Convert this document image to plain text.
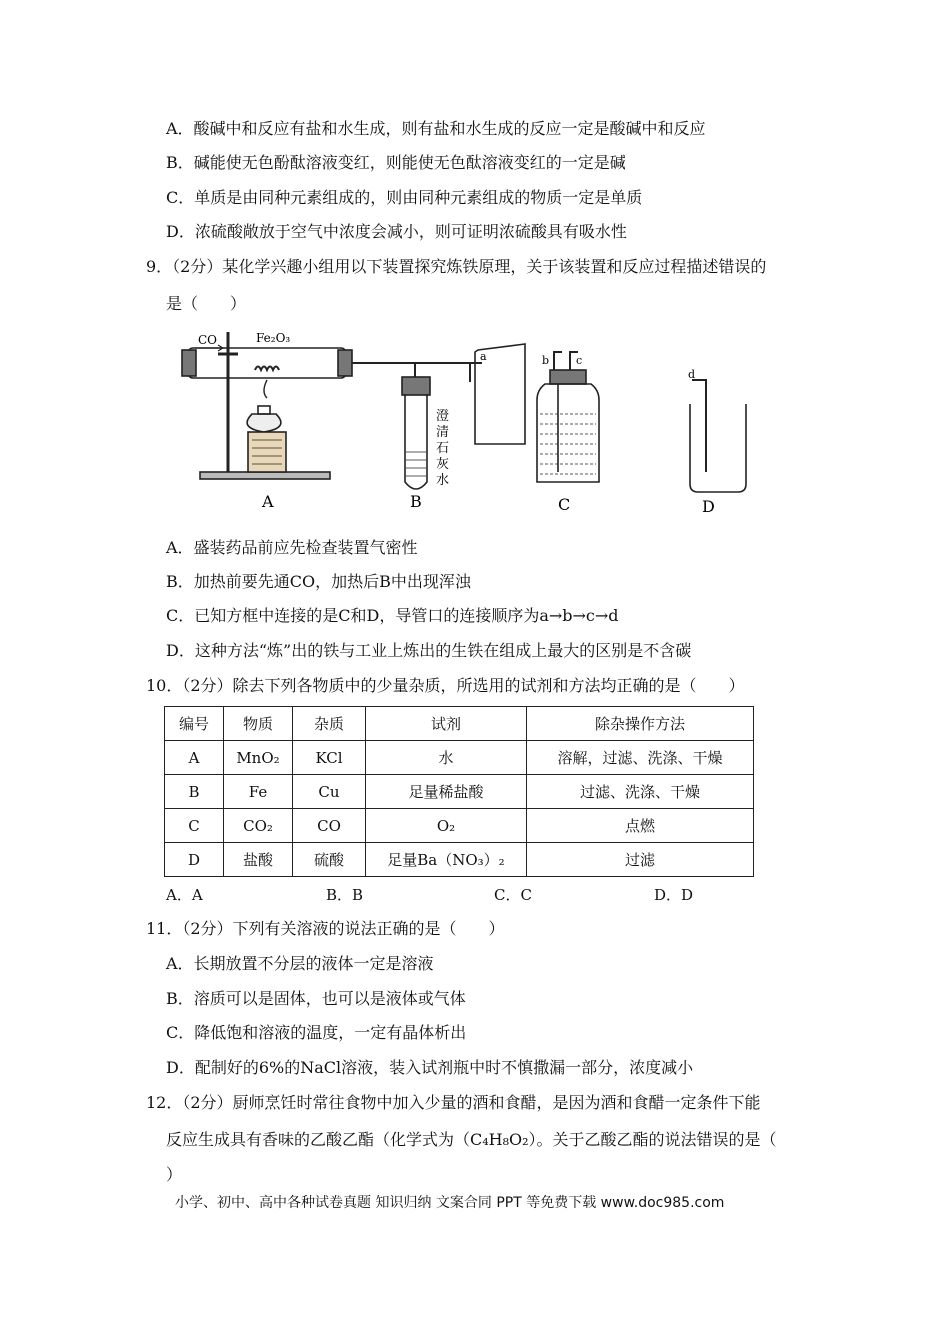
A．酸碱中和反应有盐和水生成，则有盐和水生成的反应一定是酸碱中和反应
B．碱能使无色酚酞溶液变红，则能使无色酞溶液变红的一定是碱
C．单质是由同种元素组成的，则由同种元素组成的物质一定是单质
D．浓硫酸敞放于空气中浓度会减小，则可证明浓硫酸具有吸水性
9．（2分）某化学兴趣小组用以下装置探究炼铁原理，关于该装置和反应过程描述错误的
是（　　）
CO	Fe₂O₃
A	B	C	D
a	b c
d
澄
清
石
灰
水
A．盛装药品前应先检查装置气密性
B．加热前要先通CO，加热后B中出现浑浊
C．已知方框中连接的是C和D，导管口的连接顺序为a→b→c→d
D．这种方法“炼”出的铁与工业上炼出的生铁在组成上最大的区别是不含碳
10．（2分）除去下列各物质中的少量杂质，所选用的试剂和方法均正确的是（　　）
编号	物质	杂质	试剂	除杂操作方法
A	MnO₂	KCl	水	溶解，过滤、洗涤、干燥
B	Fe	Cu	足量稀盐酸	过滤、洗涤、干燥
C	CO₂	CO	O₂	点燃
D	盐酸	硫酸	足量Ba（NO₃）₂	过滤
A．A	B．B	C．C	D．D
11．（2分）下列有关溶液的说法正确的是（　　）
A．长期放置不分层的液体一定是溶液
B．溶质可以是固体，也可以是液体或气体
C．降低饱和溶液的温度，一定有晶体析出
D．配制好的6%的NaCl溶液，装入试剂瓶中时不慎撒漏一部分，浓度减小
12．（2分）厨师烹饪时常往食物中加入少量的酒和食醋，是因为酒和食醋一定条件下能
反应生成具有香味的乙酸乙酯（化学式为（C₄H₈O₂）。关于乙酸乙酯的说法错误的是（
）
小学、初中、高中各种试卷真题 知识归纳 文案合同 PPT 等免费下载 www.doc985.com
